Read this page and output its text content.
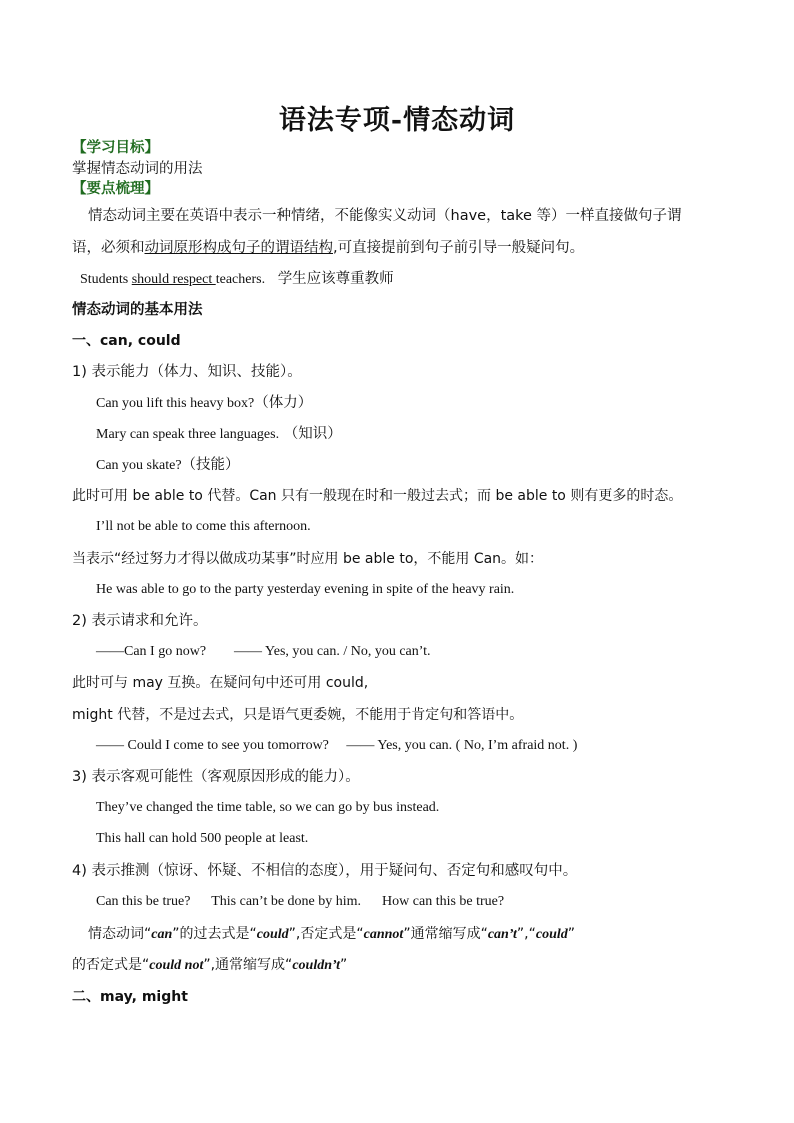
语法专项-情态动词
【学习目标】
掌握情态动词的用法
【要点梳理】
情态动词主要在英语中表示一种情绪，不能像实义动词（have，take 等）一样直接做句子谓
语，必须和动词原形构成句子的谓语结构,可直接提前到句子前引导一般疑问句。
Students should respect teachers. 学生应该尊重教师
情态动词的基本用法
一、can, could
1) 表示能力（体力、知识、技能）。
Can you lift this heavy box?（体力）
Mary can speak three languages. （知识）
Can you skate?（技能）
此时可用 be able to 代替。Can 只有一般现在时和一般过去式；而 be able to 则有更多的时态。
I’ll not be able to come this afternoon.
当表示“经过努力才得以做成功某事”时应用 be able to，不能用 Can。如：
He was able to go to the party yesterday evening in spite of the heavy rain.
2) 表示请求和允许。
——Can I go now?        —— Yes, you can. / No, you can’t.
此时可与 may 互换。在疑问句中还可用 could,
might 代替，不是过去式，只是语气更委婉，不能用于肯定句和答语中。
—— Could I come to see you tomorrow?     —— Yes, you can. ( No, I’m afraid not. )
3) 表示客观可能性（客观原因形成的能力）。
They’ve changed the time table, so we can go by bus instead.
This hall can hold 500 people at least.
4) 表示推测（惊讶、怀疑、不相信的态度），用于疑问句、否定句和感叹句中。
Can this be true?      This can’t be done by him.      How can this be true?
情态动词“can”的过去式是“could”,否定式是“cannot”通常缩写成“can’t”,“could”
的否定式是“could not”,通常缩写成“couldn’t”
二、may, might
